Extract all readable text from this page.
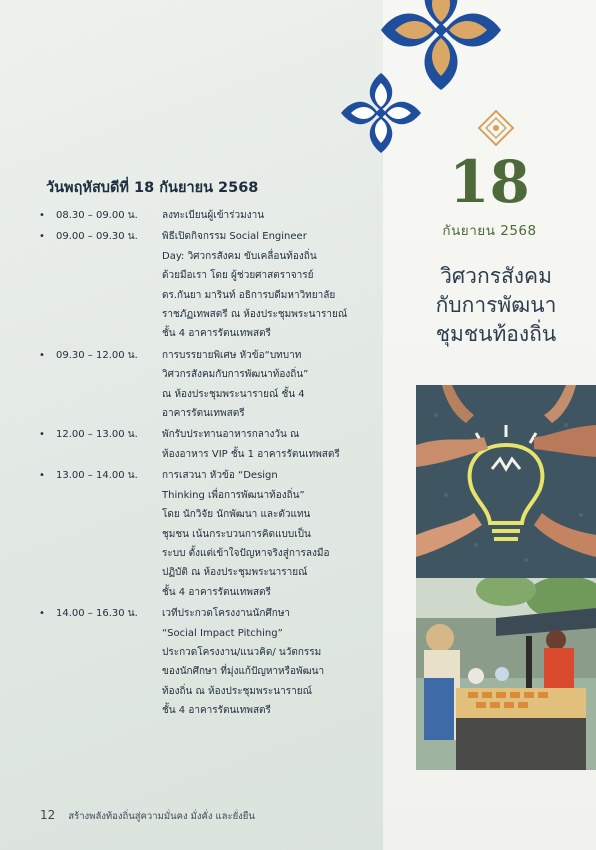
18
กันยายน 2568
วิศวกรสังคม
กับการพัฒนา
ชุมชนท้องถิ่น
วันพฤหัสบดีที่ 18 กันยายน 2568
• 08.30 – 09.00 น. ลงทะเบียนผู้เข้าร่วมงาน
• 09.00 – 09.30 น. พิธีเปิดกิจกรรม Social Engineer
Day: วิศวกรสังคม ขับเคลื่อนท้องถิ่น
ด้วยมือเรา โดย ผู้ช่วยศาสตราจารย์
ดร.กันยา มารินท์ อธิการบดีมหาวิทยาลัย
ราชภัฏเทพสตรี ณ ห้องประชุมพระนารายณ์
ชั้น 4 อาคารรัตนเทพสตรี
• 09.30 – 12.00 น. การบรรยายพิเศษ หัวข้อ“บทบาท
วิศวกรสังคมกับการพัฒนาท้องถิ่น”
ณ ห้องประชุมพระนารายณ์ ชั้น 4
อาคารรัตนเทพสตรี
• 12.00 – 13.00 น. พักรับประทานอาหารกลางวัน ณ
ห้องอาหาร VIP ชั้น 1 อาคารรัตนเทพสตรี
• 13.00 – 14.00 น. การเสวนา หัวข้อ “Design
Thinking เพื่อการพัฒนาท้องถิ่น”
โดย นักวิจัย นักพัฒนา และตัวแทน
ชุมชน เน้นกระบวนการคิดแบบเป็น
ระบบ ตั้งแต่เข้าใจปัญหาจริงสู่การลงมือ
ปฏิบัติ ณ ห้องประชุมพระนารายณ์
ชั้น 4 อาคารรัตนเทพสตรี
• 14.00 – 16.30 น. เวทีประกวดโครงงานนักศึกษา
“Social Impact Pitching”
ประกวดโครงงาน/แนวคิด/ นวัตกรรม
ของนักศึกษา ที่มุ่งแก้ปัญหาหรือพัฒนา
ท้องถิ่น ณ ห้องประชุมพระนารายณ์
ชั้น 4 อาคารรัตนเทพสตรี
12 สร้างพลังท้องถิ่นสู่ความมั่นคง มั่งคั่ง และยั่งยืน
